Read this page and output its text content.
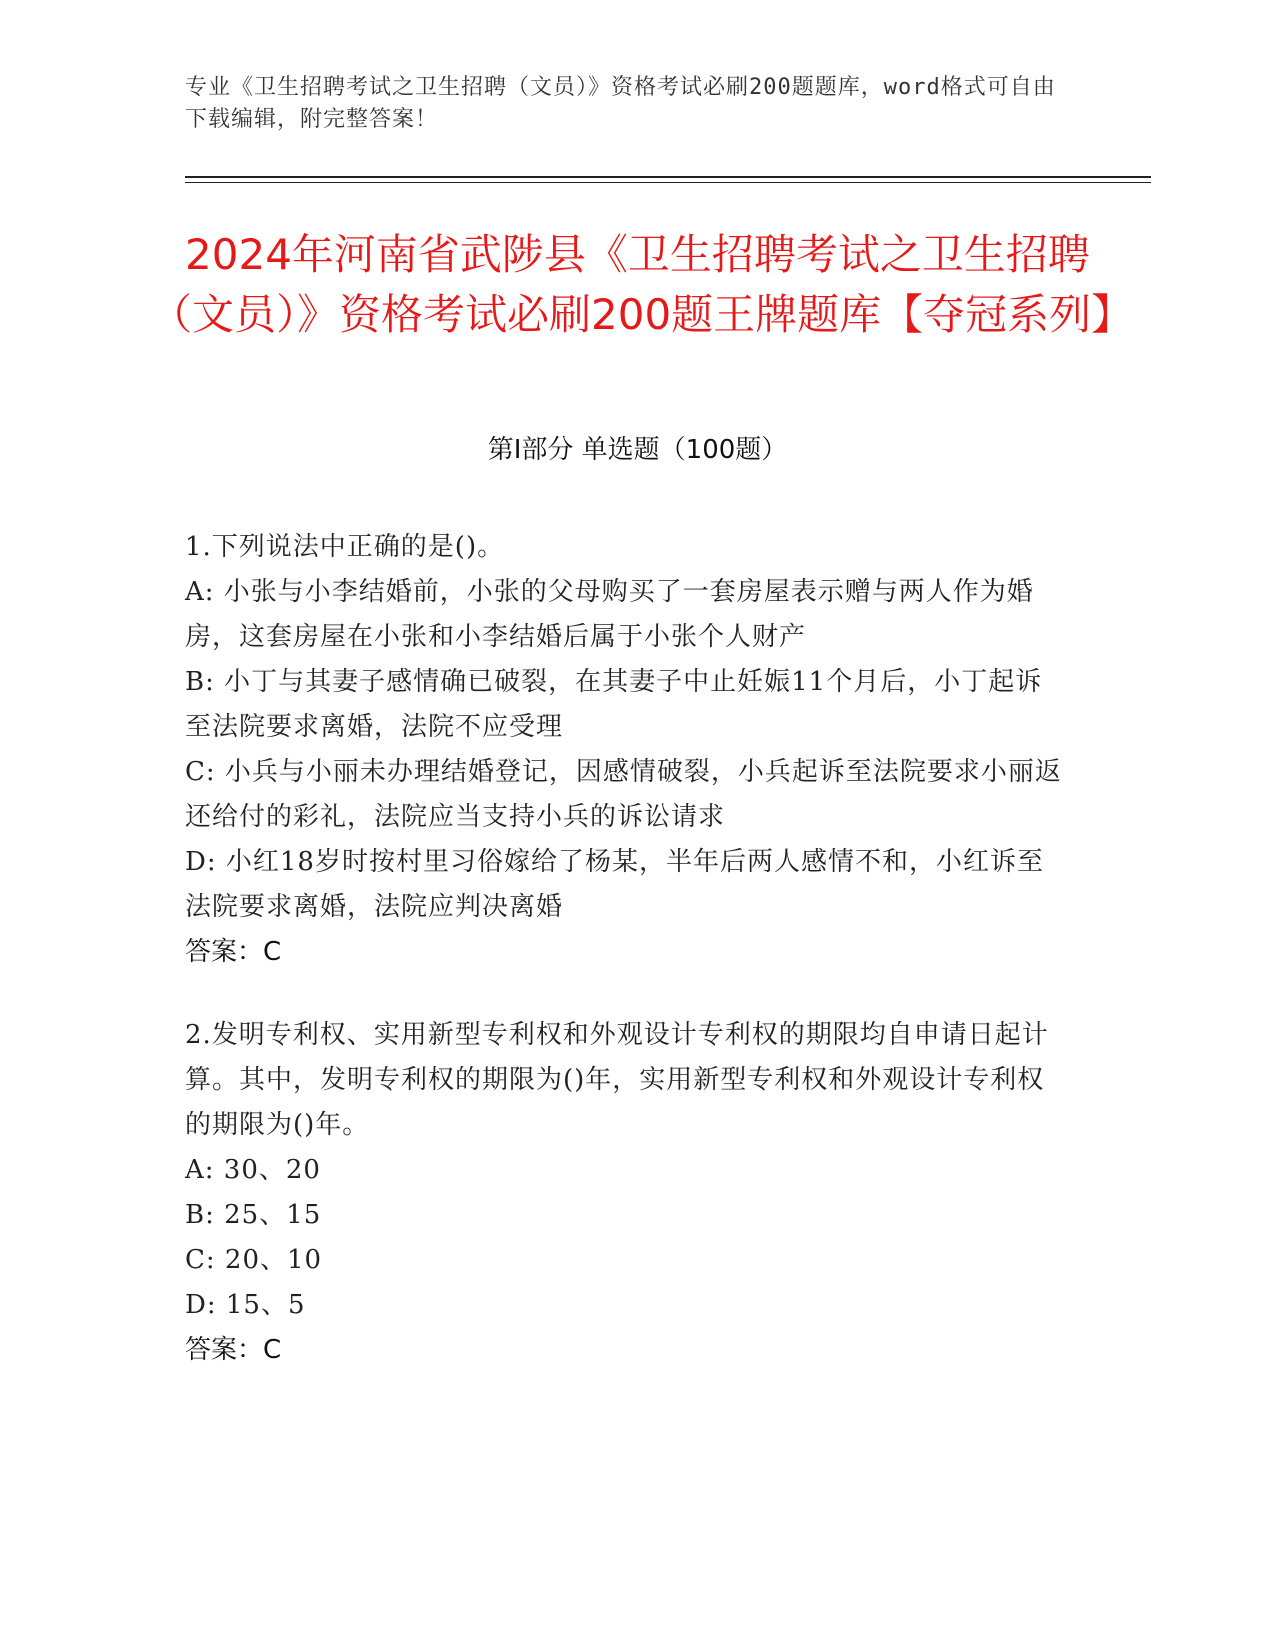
专业《卫生招聘考试之卫生招聘（文员）》资格考试必刷200题题库，word格式可自由下载编辑，附完整答案！
2024年河南省武陟县《卫生招聘考试之卫生招聘（文员）》资格考试必刷200题王牌题库【夺冠系列】
第I部分 单选题（100题）

1.下列说法中正确的是()。

A: 小张与小李结婚前，小张的父母购买了一套房屋表示赠与两人作为婚房，这套房屋在小张和小李结婚后属于小张个人财产

B: 小丁与其妻子感情确已破裂，在其妻子中止妊娠11个月后，小丁起诉至法院要求离婚，法院不应受理

C: 小兵与小丽未办理结婚登记，因感情破裂，小兵起诉至法院要求小丽返还给付的彩礼，法院应当支持小兵的诉讼请求

D: 小红18岁时按村里习俗嫁给了杨某，半年后两人感情不和，小红诉至法院要求离婚，法院应判决离婚

答案：C

2.发明专利权、实用新型专利权和外观设计专利权的期限均自申请日起计算。其中，发明专利权的期限为()年，实用新型专利权和外观设计专利权的期限为()年。

A: 30、20

B: 25、15

C: 20、10

D: 15、5

答案：C
